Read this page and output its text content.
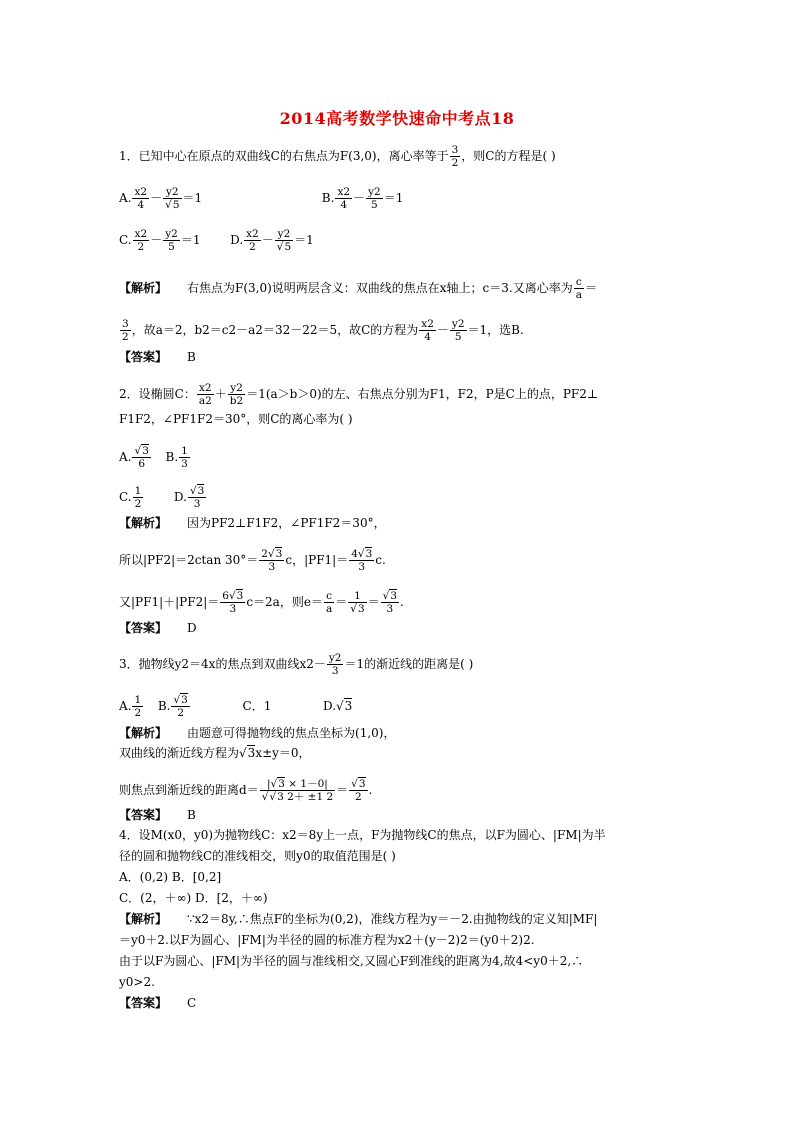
2014高考数学快速命中考点18
1．已知中心在原点的双曲线C的右焦点为F(3,0)，离心率等于 $\frac{3}{2}$ ，则C的方程是( )
A. $\frac{x2}{4} - \frac{y2}{√5} =1$	B. $\frac{x2}{4} - \frac{y2}{5} =1$
C. $\frac{x2}{2} - \frac{y2}{5} =1$ D. $\frac{x2}{2} - \frac{y2}{√5} =1$
【解析】 右焦点为F(3,0)说明两层含义：双曲线的焦点在x轴上；c＝3.又离心率为 $\frac{c}{a}$ ＝
$\frac{3}{2}$ ，故a＝2，b2＝c2－a2＝32－22＝5，故C的方程为 $\frac{x2}{4} - \frac{y2}{5} =1$，选B.
【答案】 B
2．设椭圆C： $\frac{x2}{a2} + \frac{y2}{b2} =1(a>b>0)$的左、右焦点分别为F1，F2，P是C上的点，PF2⊥
F1F2，∠PF1F2＝30°，则C的离心率为( )
A. $\frac{√3}{6} B$. $\frac{1}{3}$
C. $\frac{1}{2}$	D. $\frac{√3}{3}$
【解析】 因为PF2⊥F1F2，∠PF1F2＝30°，
所以|PF2|＝2ctan $30^\circ= \frac{2√3}{3}$ c，$|PF1|= \frac{4√3}{3} c$.
又$|PF1|+|PF2|= \frac{6√3}{3} c=2a$，则$e= \frac{c}{a} = \frac{1}{√3} = \frac{√3}{3}$ .
【答案】 D
3．抛物线y2＝4x的焦点到双曲线$x2- \frac{y2}{3} =1$的渐近线的距离是( )
A. $\frac{1}{2} B$. $\frac{√3}{2}$	C．1	D.√3
【解析】 由题意可得抛物线的焦点坐标为(1,0)，
双曲线的渐近线方程为√3x±y＝0，
则焦点到渐近线的距离$d= \frac{|√3 \times 1-0|}{√√3 2+ \pm 1 2} = \frac{√3}{2}$ .
【答案】 B
4．设M(x0，y0)为抛物线C：x2＝8y上一点，F为抛物线C的焦点，以F为圆心、|FM|为半
径的圆和抛物线C的准线相交，则y0的取值范围是( )
A．(0,2) B．[0,2]
C．(2，＋∞) D．[2，＋∞)
【解析】 ∵x2＝8y,∴焦点F的坐标为(0,2)，准线方程为y＝－2.由抛物线的定义知|MF|
＝y0＋2.以F为圆心、|FM|为半径的圆的标准方程为x2＋(y－2)2＝(y0＋2)2.
由于以F为圆心、|FM|为半径的圆与准线相交,又圆心F到准线的距离为4,故4<y0＋2,∴
y0>2.
【答案】 C
